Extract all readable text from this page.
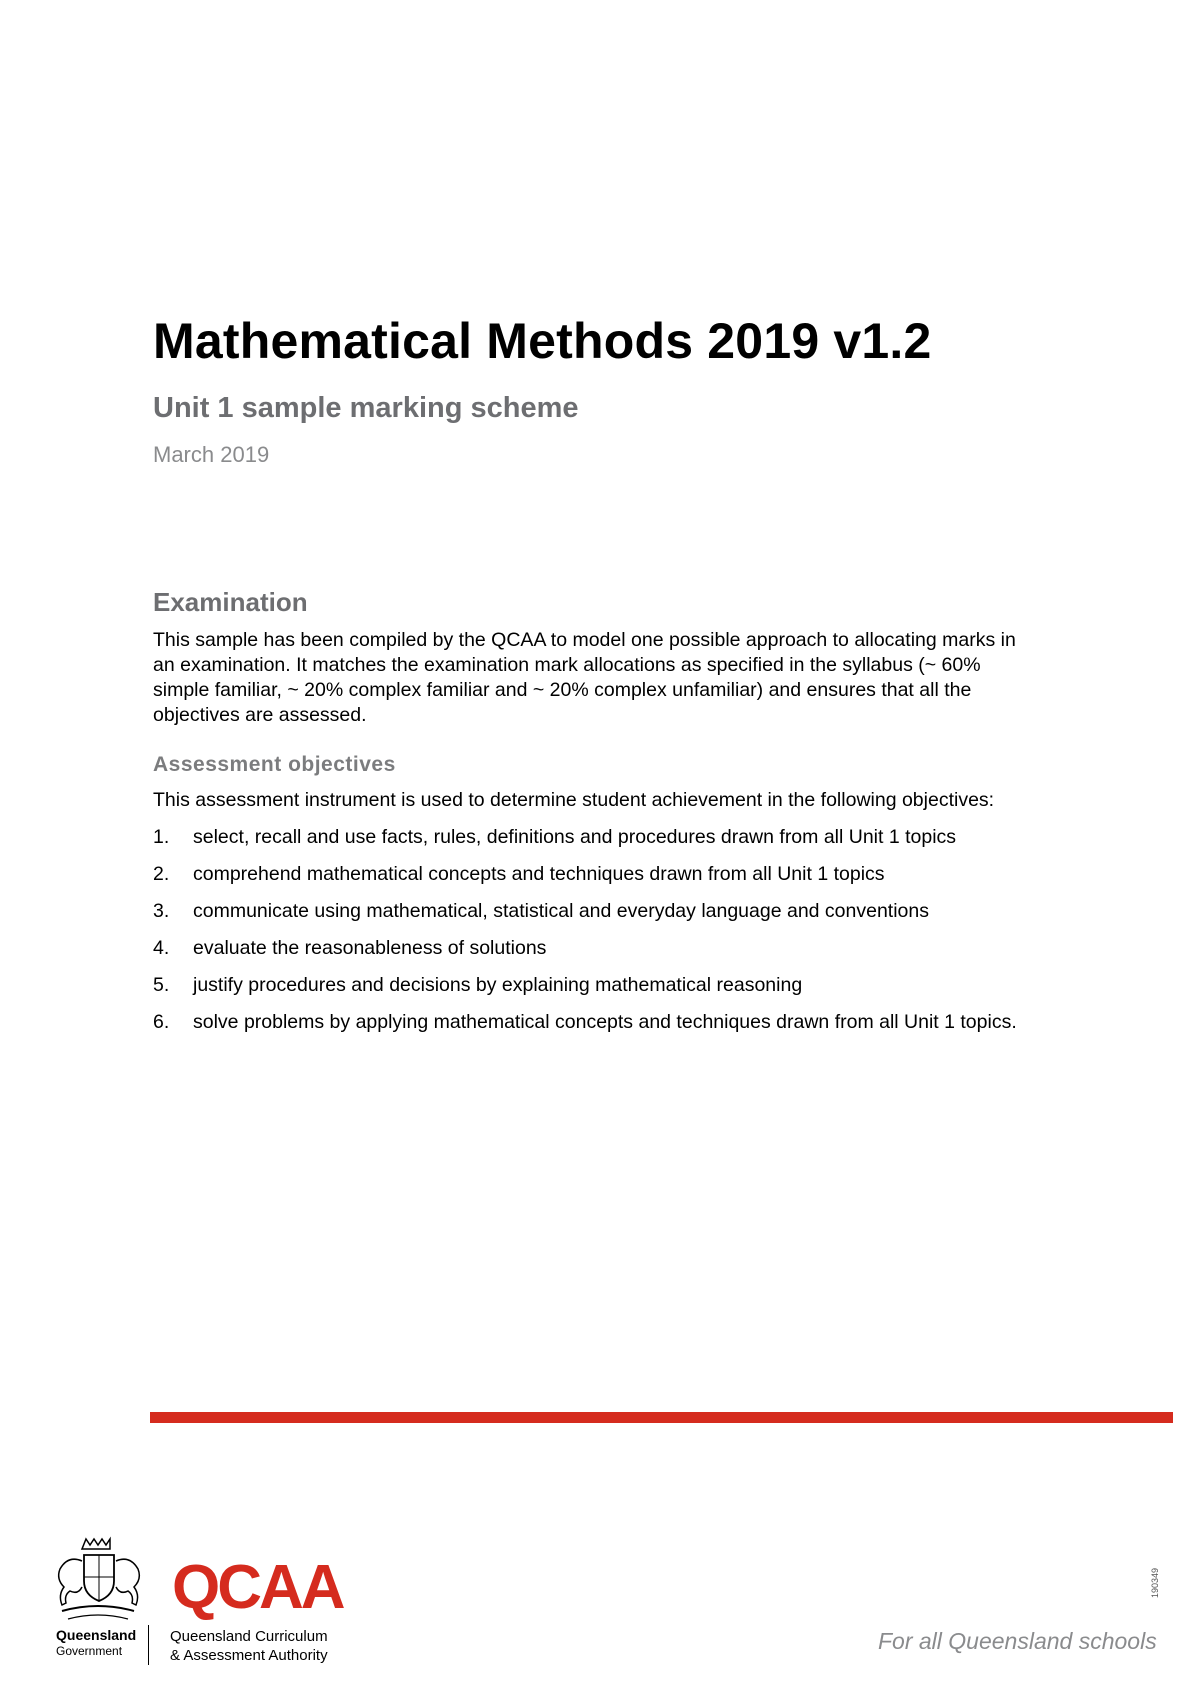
Mathematical Methods 2019 v1.2
Unit 1 sample marking scheme
March 2019
Examination

This sample has been compiled by the QCAA to model one possible approach to allocating marks in an examination. It matches the examination mark allocations as specified in the syllabus (~ 60% simple familiar, ~ 20% complex familiar and ~ 20% complex unfamiliar) and ensures that all the objectives are assessed.

Assessment objectives

This assessment instrument is used to determine student achievement in the following objectives:

1.	select, recall and use facts, rules, definitions and procedures drawn from all Unit 1 topics
2.	comprehend mathematical concepts and techniques drawn from all Unit 1 topics
3.	communicate using mathematical, statistical and everyday language and conventions
4.	evaluate the reasonableness of solutions
5.	justify procedures and decisions by explaining mathematical reasoning
6.	solve problems by applying mathematical concepts and techniques drawn from all Unit 1 topics.
Queensland
Government
QCAA
Queensland Curriculum
& Assessment Authority
For all Queensland schools
190349
